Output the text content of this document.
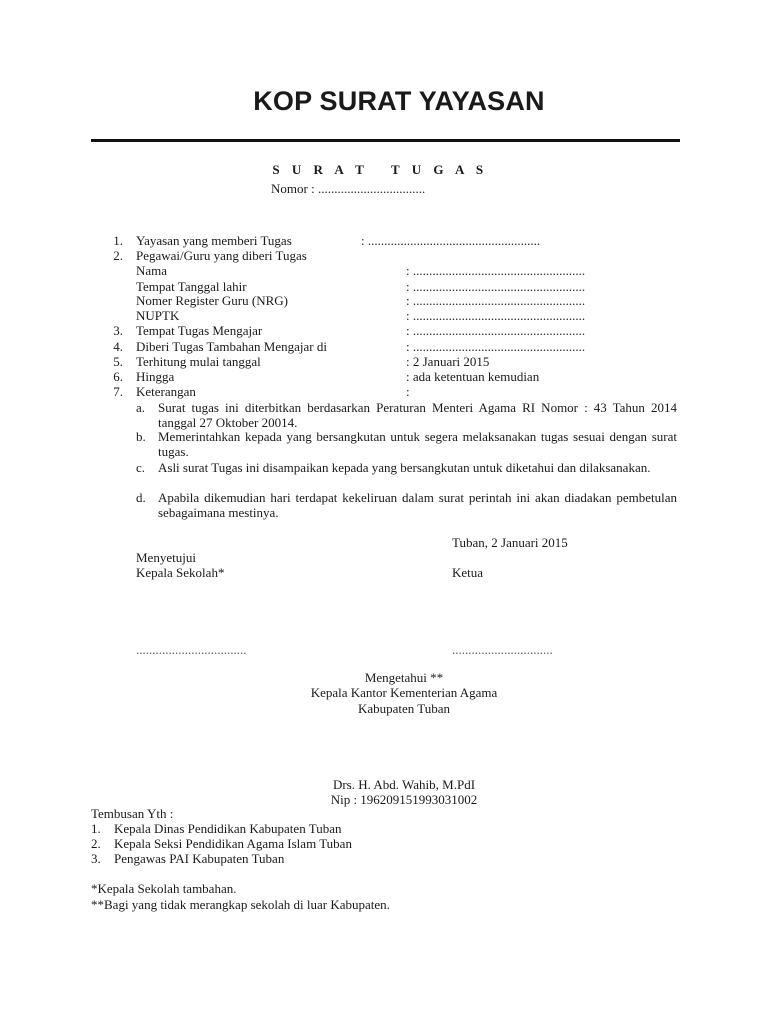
KOP SURAT YAYASAN
S U R A T   T U G A S
Nomor : .................................
1. Yayasan yang memberi Tugas	: .....................................................
2. Pegawai/Guru yang diberi Tugas
Nama	: .....................................................
Tempat Tanggal lahir	: .....................................................
Nomer Register Guru (NRG)	: .....................................................
NUPTK	: .....................................................
3. Tempat Tugas Mengajar	: .....................................................
4. Diberi Tugas Tambahan Mengajar di	: .....................................................
5. Terhitung mulai tanggal	: 2 Januari 2015
6. Hingga	: ada ketentuan kemudian
7. Keterangan	:
a. Surat tugas ini diterbitkan berdasarkan Peraturan Menteri Agama RI Nomor : 43 Tahun 2014 tanggal 27 Oktober 20014.
b. Memerintahkan kepada yang bersangkutan untuk segera melaksanakan tugas sesuai dengan surat tugas.
c. Asli surat Tugas ini disampaikan kepada yang bersangkutan untuk diketahui dan dilaksanakan.
d. Apabila dikemudian hari terdapat kekeliruan dalam surat perintah ini akan diadakan pembetulan sebagaimana mestinya.
Tuban, 2 Januari 2015
Menyetujui
Kepala Sekolah*	Ketua
..................................	...............................
Mengetahui **
Kepala Kantor Kementerian Agama
Kabupaten Tuban
Drs. H. Abd. Wahib, M.PdI
Nip : 196209151993031002
Tembusan Yth :
1. Kepala Dinas Pendidikan Kabupaten Tuban
2. Kepala Seksi Pendidikan Agama Islam Tuban
3. Pengawas PAI Kabupaten Tuban
*Kepala Sekolah tambahan.
**Bagi yang tidak merangkap sekolah di luar Kabupaten.
